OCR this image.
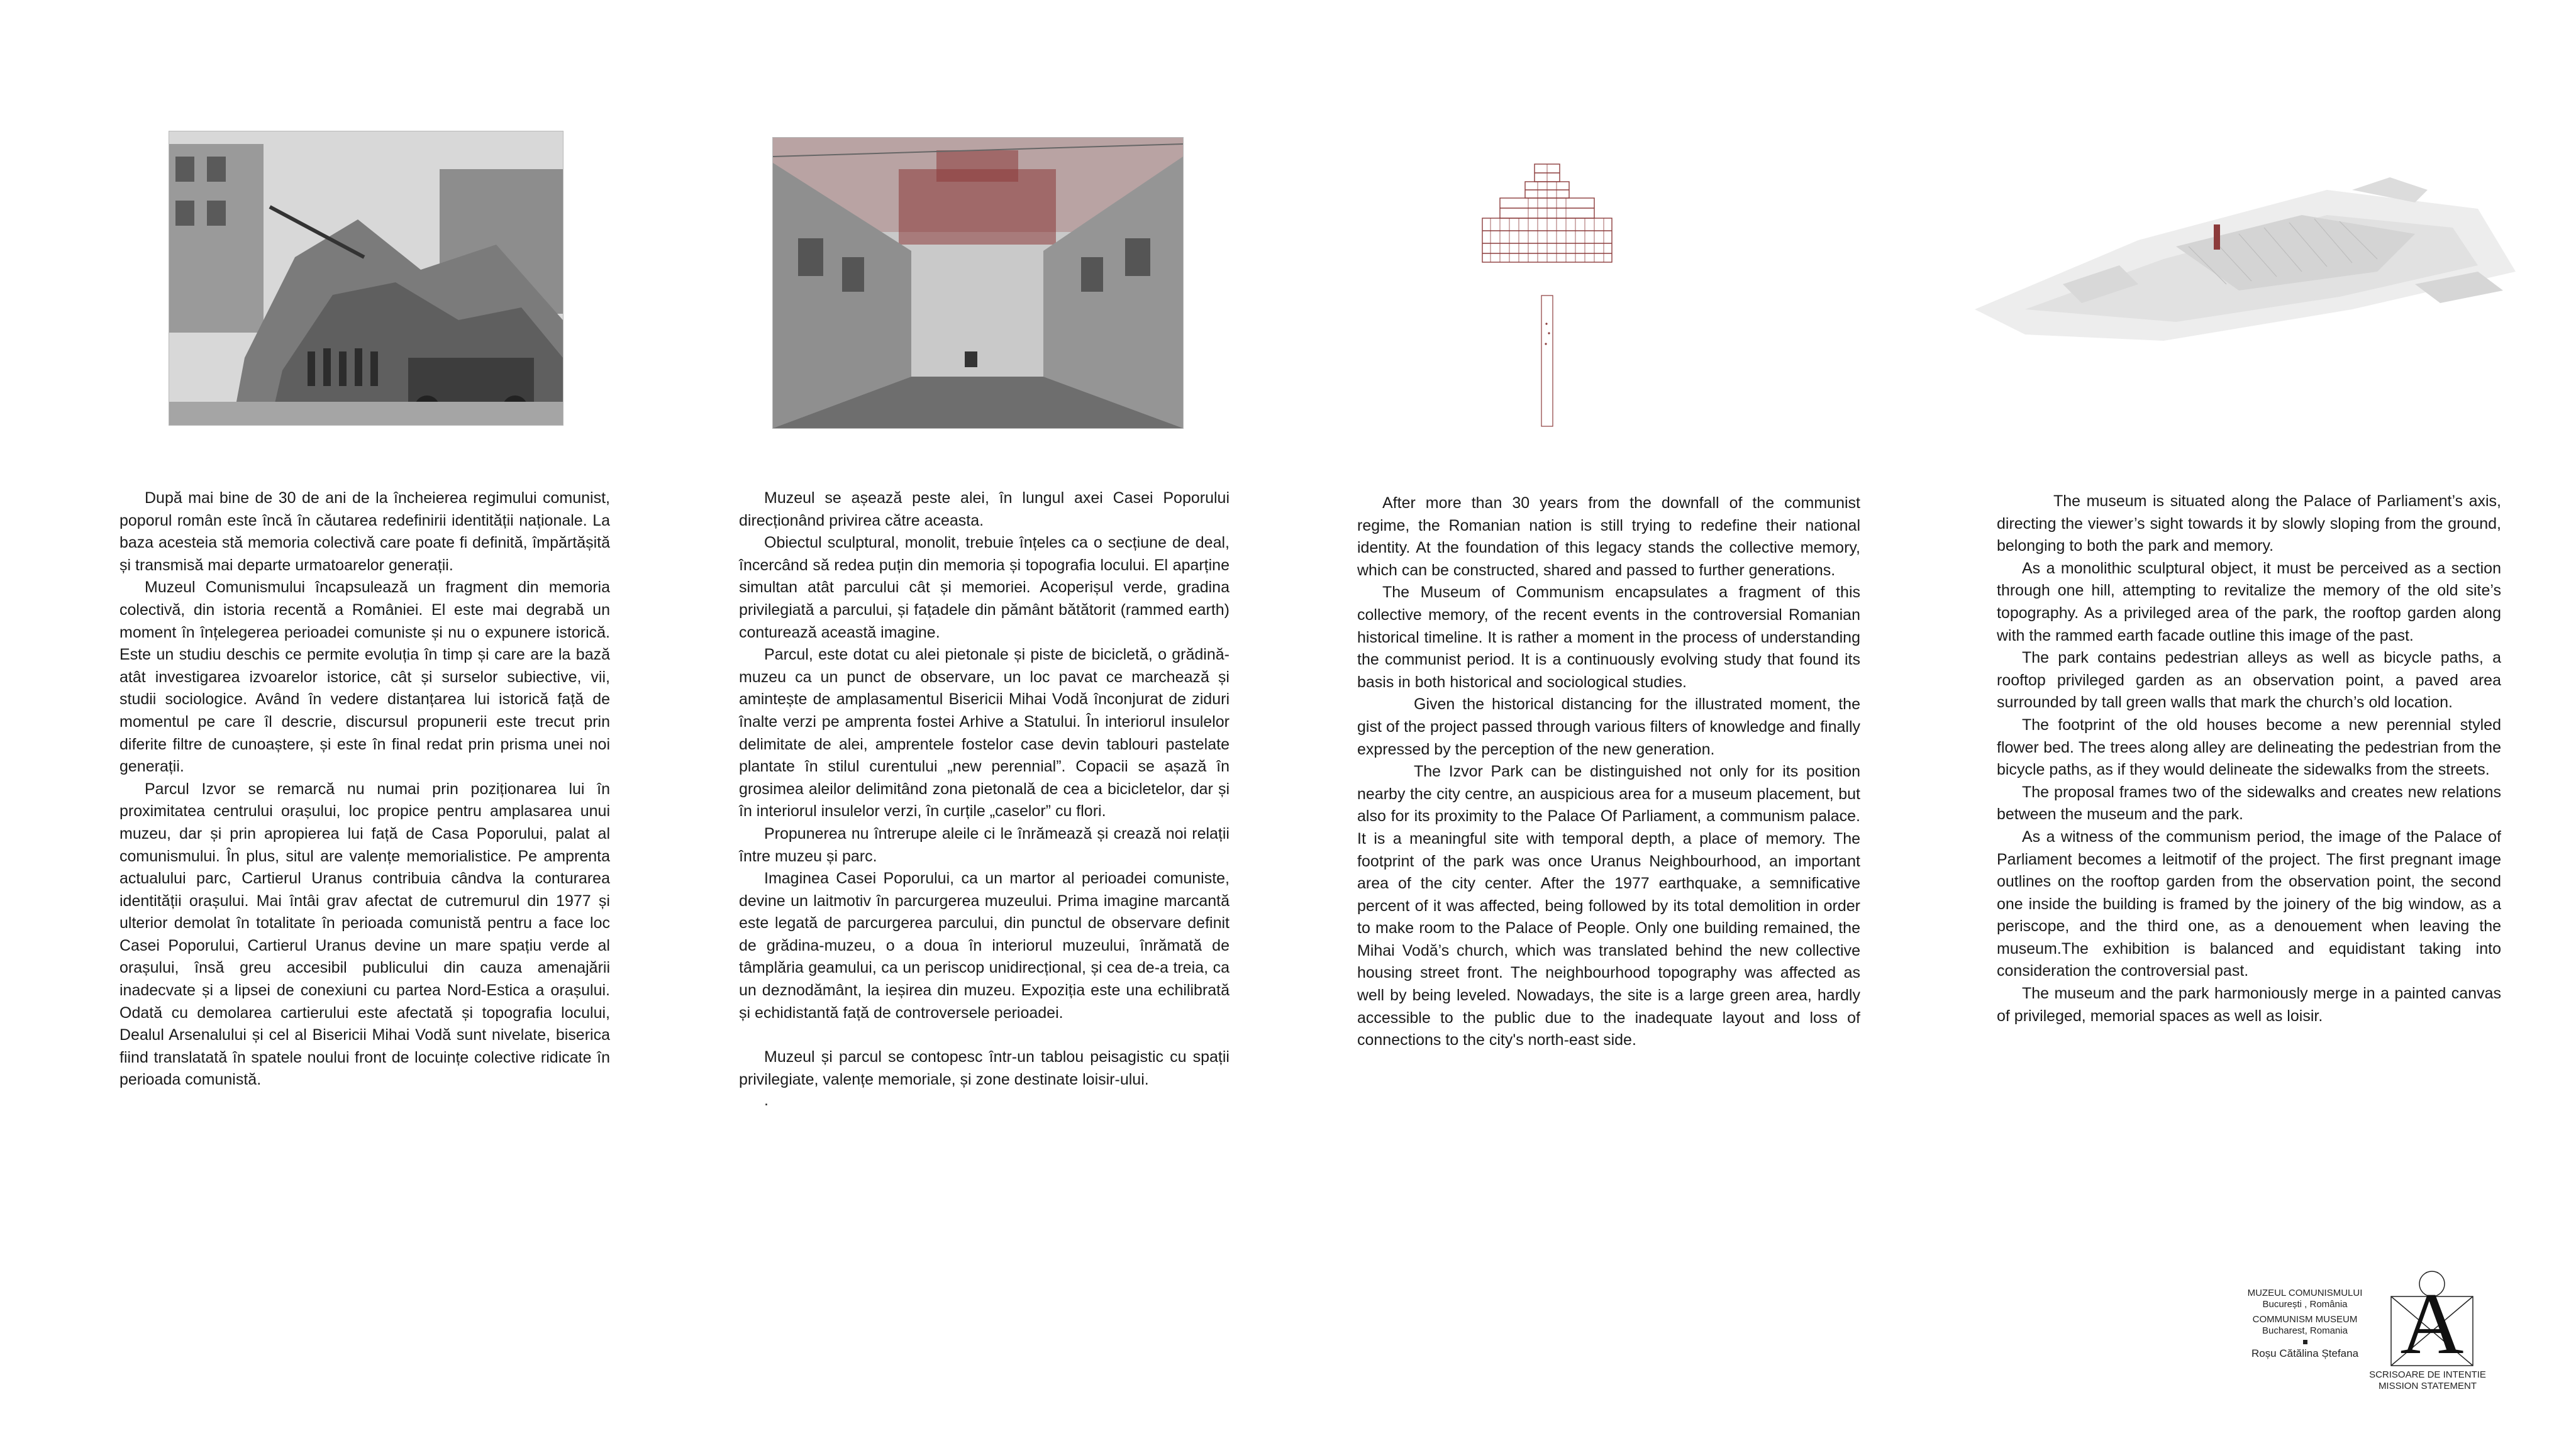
După mai bine de 30 de ani de la încheierea regimului comunist, poporul român este încă în căutarea redefinirii identității naționale. La baza acesteia stă memoria colectivă care poate fi definită, împărtășită și transmisă mai departe urmatoarelor generații.

Muzeul Comunismului încapsulează un fragment din memoria colectivă, din istoria recentă a României. El este mai degrabă un moment în înțelegerea perioadei comuniste și nu o expunere istorică. Este un studiu deschis ce permite evoluția în timp și care are la bază atât investigarea izvoarelor istorice, cât și surselor subiective, vii, studii sociologice. Având în vedere distanțarea lui istorică față de momentul pe care îl descrie, discursul propunerii este trecut prin diferite filtre de cunoaștere, și este în final redat prin prisma unei noi generații.

Parcul Izvor se remarcă nu numai prin poziționarea lui în proximitatea centrului orașului, loc propice pentru amplasarea unui muzeu, dar și prin apropierea lui față de Casa Poporului, palat al comunismului. În plus, situl are valențe memorialistice. Pe amprenta actualului parc, Cartierul Uranus contribuia cândva la conturarea identității orașului. Mai întâi grav afectat de cutremurul din 1977 și ulterior demolat în totalitate în perioada comunistă pentru a face loc Casei Poporului, Cartierul Uranus devine un mare spațiu verde al orașului, însă greu accesibil publicului din cauza amenajării inadecvate și a lipsei de conexiuni cu partea Nord-Estica a orașului. Odată cu demolarea cartierului este afectată și topografia locului, Dealul Arsenalului și cel al Bisericii Mihai Vodă sunt nivelate, biserica fiind translatată în spatele noului front de locuințe colective ridicate în perioada comunistă.

Muzeul se așează peste alei, în lungul axei Casei Poporului direcționând privirea către aceasta.

Obiectul sculptural, monolit, trebuie înțeles ca o secțiune de deal, încercând să redea puțin din memoria și topografia locului. El aparține simultan atât parcului cât și memoriei. Acoperișul verde, gradina privilegiată a parcului, și fațadele din pământ bătătorit (rammed earth) conturează această imagine.

Parcul, este dotat cu alei pietonale și piste de bicicletă, o grădină-muzeu ca un punct de observare, un loc pavat ce marchează și amintește de amplasamentul Bisericii Mihai Vodă înconjurat de ziduri înalte verzi pe amprenta fostei Arhive a Statului. În interiorul insulelor delimitate de alei, amprentele fostelor case devin tablouri pastelate plantate în stilul curentului „new perennial”. Copacii se așază în grosimea aleilor delimitând zona pietonală de cea a bicicletelor, dar și în interiorul insulelor verzi, în curțile „caselor” cu flori.

Propunerea nu întrerupe aleile ci le înrămează și crează noi relații între muzeu și parc.

Imaginea Casei Poporului, ca un martor al perioadei comuniste, devine un laitmotiv în parcurgerea muzeului. Prima imagine marcantă este legată de parcurgerea parcului, din punctul de observare definit de grădina-muzeu, o a doua în interiorul muzeului, înrămată de tâmplăria geamului, ca un periscop unidirecțional, și cea de-a treia, ca un deznodământ, la ieșirea din muzeu. Expoziția este una echilibrată și echidistantă față de controversele perioadei.

Muzeul și parcul se contopesc într-un tablou peisagistic cu spații privilegiate, valențe memoriale, și zone destinate loisir-ului.

.

After more than 30 years from the downfall of the communist regime, the Romanian nation is still trying to redefine their national identity. At the foundation of this legacy stands the collective memory, which can be constructed, shared and passed to further generations.

The Museum of Communism encapsulates a fragment of this collective memory, of the recent events in the controversial Romanian historical timeline. It is rather a moment in the process of understanding the communist period. It is a continuously evolving study that found its basis in both historical and sociological studies.

Given the historical distancing for the illustrated moment, the gist of the project passed through various filters of knowledge and finally expressed by the perception of the new generation.

The Izvor Park can be distinguished not only for its position nearby the city centre, an auspicious area for a museum placement, but also for its proximity to the Palace Of Parliament, a communism palace. It is a meaningful site with temporal depth, a place of memory. The footprint of the park was once Uranus Neighbourhood, an important area of the city center. After the 1977 earthquake, a semnificative percent of it was affected, being followed by its total demolition in order to make room to the Palace of People. Only one building remained, the Mihai Vodă’s church, which was translated behind the new collective housing street front. The neighbourhood topography was affected as well by being leveled. Nowadays, the site is a large green area, hardly accessible to the public due to the inadequate layout and loss of connections to the city's north-east side.

The museum is situated along the Palace of Parliament’s axis, directing the viewer’s sight towards it by slowly sloping from the ground, belonging to both the park and memory.

As a monolithic sculptural object, it must be perceived as a section through one hill, attempting to revitalize the memory of the old site’s topography. As a privileged area of the park, the rooftop garden along with the rammed earth facade outline this image of the past.

The park contains pedestrian alleys as well as bicycle paths, a rooftop privileged garden as an observation point, a paved area surrounded by tall green walls that mark the church’s old location.

The footprint of the old houses become a new perennial styled flower bed. The trees along alley are delineating the pedestrian from the bicycle paths, as if they would delineate the sidewalks from the streets.

The proposal frames two of the sidewalks and creates new relations between the museum and the park.

As a witness of the communism period, the image of the Palace of Parliament becomes a leitmotif of the project. The first pregnant image outlines on the rooftop garden from the observation point, the second one inside the building is framed by the joinery of the big window, as a periscope, and the third one, as a denouement when leaving the museum.The exhibition is balanced and equidistant taking into consideration the controversial past.

The museum and the park harmoniously merge in a painted canvas of privileged, memorial spaces as well as loisir.

MUZEUL COMUNISMULUI
București , România
COMMUNISM MUSEUM
Bucharest, Romania
Roșu Cătălina Ștefana A
SCRISOARE DE INTENTIE
MISSION STATEMENT
